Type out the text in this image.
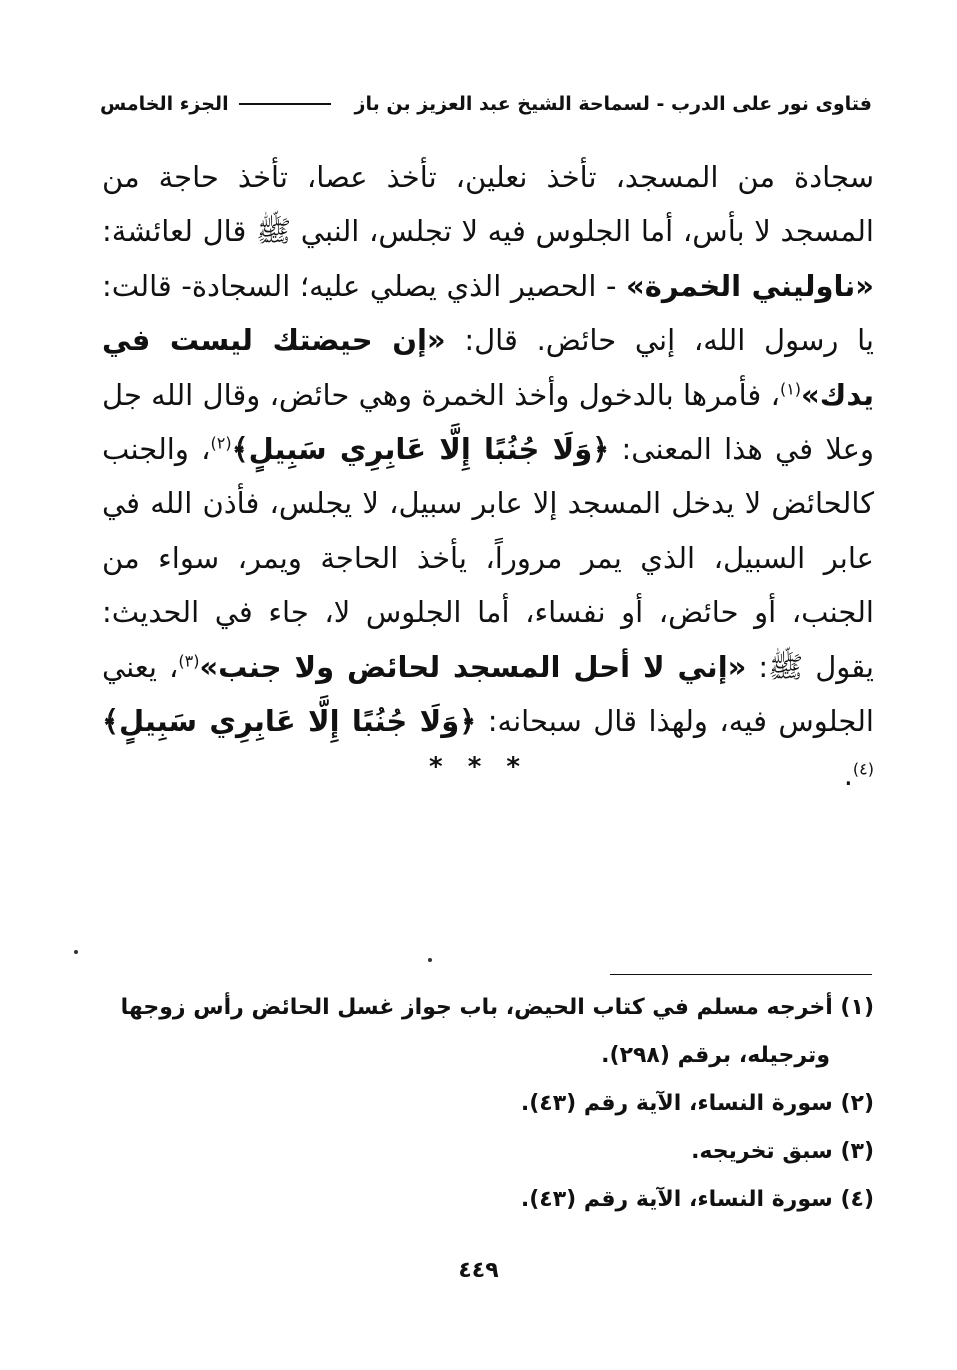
فتاوى نور على الدرب - لسماحة الشيخ عبد العزيز بن باز
الجزء الخامس
سجادة من المسجد، تأخذ نعلين، تأخذ عصا، تأخذ حاجة من المسجد لا بأس، أما الجلوس فيه لا تجلس، النبي ﷺ قال لعائشة: «ناوليني الخمرة» - الحصير الذي يصلي عليه؛ السجادة- قالت: يا رسول الله، إني حائض. قال: «إن حيضتك ليست في يدك»$^{(١)}$، فأمرها بالدخول وأخذ الخمرة وهي حائض، وقال الله جل وعلا في هذا المعنى: ﴿وَلَا جُنُبًا إِلَّا عَابِرِي سَبِيلٍ﴾$^{(٢)}$، والجنب كالحائض لا يدخل المسجد إلا عابر سبيل، لا يجلس، فأذن الله في عابر السبيل، الذي يمر مروراً، يأخذ الحاجة ويمر، سواء من الجنب، أو حائض، أو نفساء، أما الجلوس لا، جاء في الحديث: يقول ﷺ: «إني لا أحل المسجد لحائض ولا جنب»$^{(٣)}$، يعني الجلوس فيه، ولهذا قال سبحانه: ﴿وَلَا جُنُبًا إِلَّا عَابِرِي سَبِيلٍ﴾$^{(٤)}$.
* * *
(١) أخرجه مسلم في كتاب الحيض، باب جواز غسل الحائض رأس زوجها
وترجيله، برقم (٢٩٨).
(٢) سورة النساء، الآية رقم (٤٣).
(٣) سبق تخريجه.
(٤) سورة النساء، الآية رقم (٤٣).
٤٤٩
